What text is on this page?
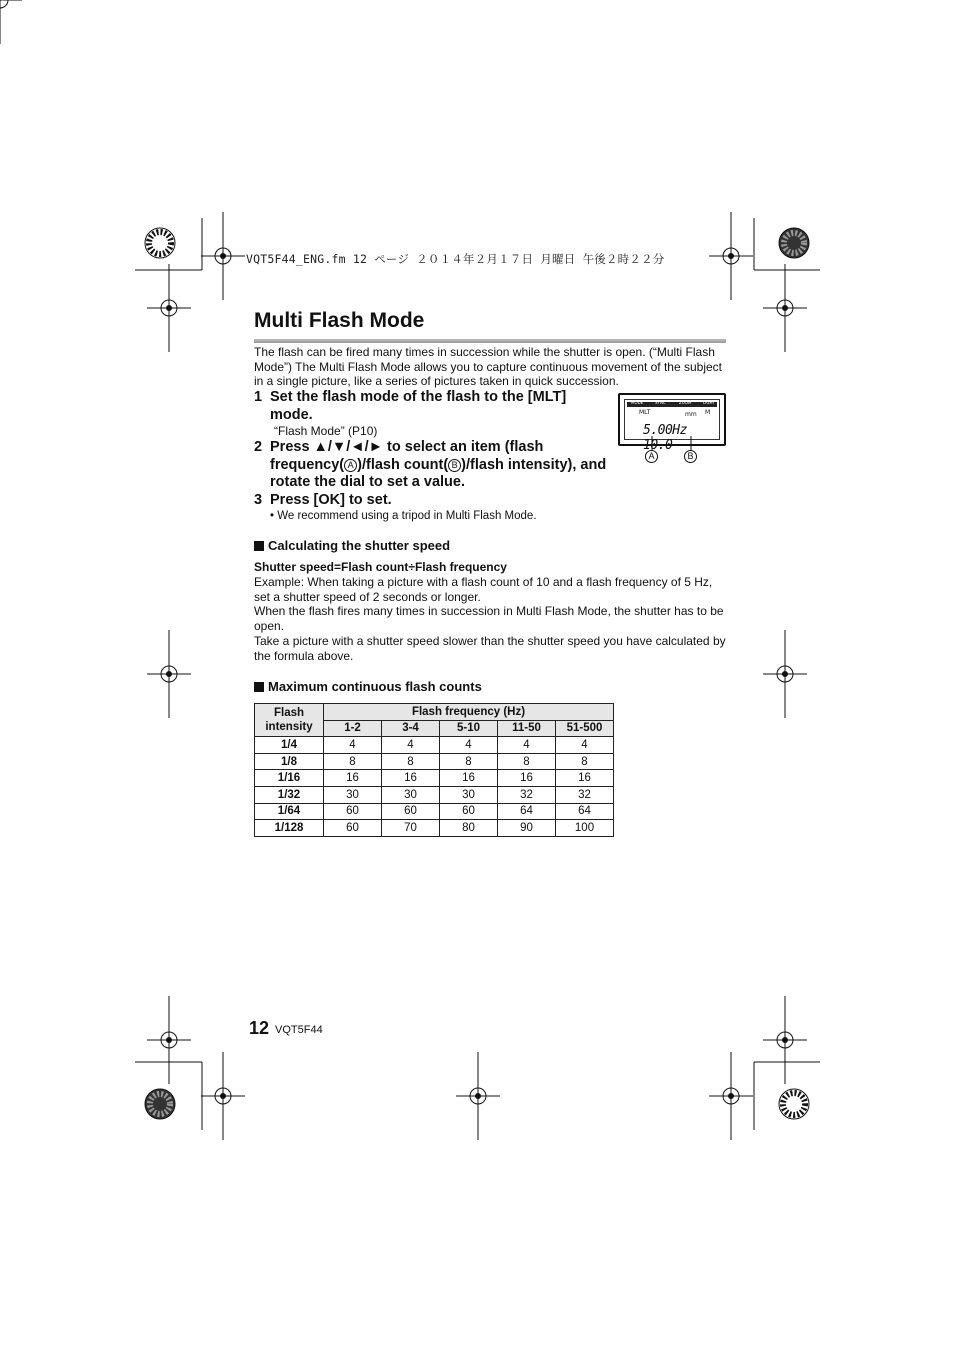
VQT5F44_ENG.fm 12 ページ ２０１４年２月１７日 月曜日 午後２時２２分
Multi Flash Mode
The flash can be fired many times in succession while the shutter is open. (“Multi Flash Mode”) The Multi Flash Mode allows you to capture continuous movement of the subject in a single picture, like a series of pictures taken in quick succession.
1 Set the flash mode of the flash to the [MLT] mode.
“Flash Mode” (P10)
2 Press ▲/▼/◄/► to select an item (flash frequency( A )/flash count( B )/flash intensity), and rotate the dial to set a value.
3 Press [OK] to set.
• We recommend using a tripod in Multi Flash Mode.
MODE	SYNC	ZOOM	LIGHT
MLT	mm M
5.00Hz 10.0
A	B
Calculating the shutter speed
Shutter speed=Flash count÷Flash frequency
Example: When taking a picture with a flash count of 10 and a flash frequency of 5 Hz, set a shutter speed of 2 seconds or longer.
When the flash fires many times in succession in Multi Flash Mode, the shutter has to be open.
Take a picture with a shutter speed slower than the shutter speed you have calculated by the formula above.
Maximum continuous flash counts
Flash intensity	Flash frequency (Hz)				
	1-2	3-4	5-10	11-50	51-500
1/4	4	4	4	4	4
1/8	8	8	8	8	8
1/16	16	16	16	16	16
1/32	30	30	30	32	32
1/64	60	60	60	64	64
1/128	60	70	80	90	100
12 VQT5F44
